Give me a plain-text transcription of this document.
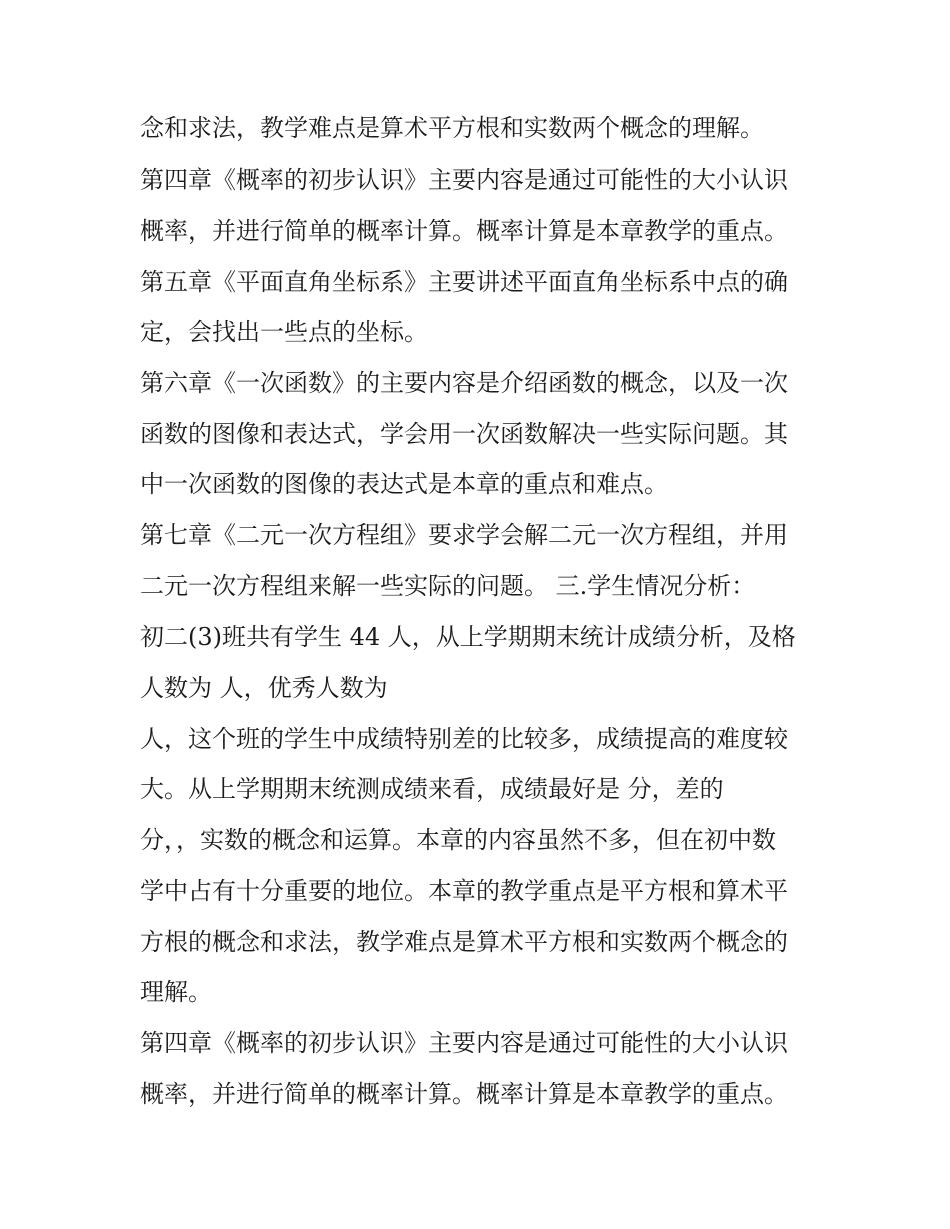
念和求法，教学难点是算术平方根和实数两个概念的理解。
第四章《概率的初步认识》主要内容是通过可能性的大小认识
概率，并进行简单的概率计算。概率计算是本章教学的重点。
第五章《平面直角坐标系》主要讲述平面直角坐标系中点的确
定，会找出一些点的坐标。
第六章《一次函数》的主要内容是介绍函数的概念，以及一次
函数的图像和表达式，学会用一次函数解决一些实际问题。其
中一次函数的图像的表达式是本章的重点和难点。
第七章《二元一次方程组》要求学会解二元一次方程组，并用
二元一次方程组来解一些实际的问题。 三.学生情况分析：
初二(3)班共有学生 44 人，从上学期期末统计成绩分析，及格
人数为 人，优秀人数为
人，这个班的学生中成绩特别差的比较多，成绩提高的难度较
大。从上学期期末统测成绩来看，成绩最好是 分，差的
分，，实数的概念和运算。本章的内容虽然不多，但在初中数
学中占有十分重要的地位。本章的教学重点是平方根和算术平
方根的概念和求法，教学难点是算术平方根和实数两个概念的
理解。
第四章《概率的初步认识》主要内容是通过可能性的大小认识
概率，并进行简单的概率计算。概率计算是本章教学的重点。
